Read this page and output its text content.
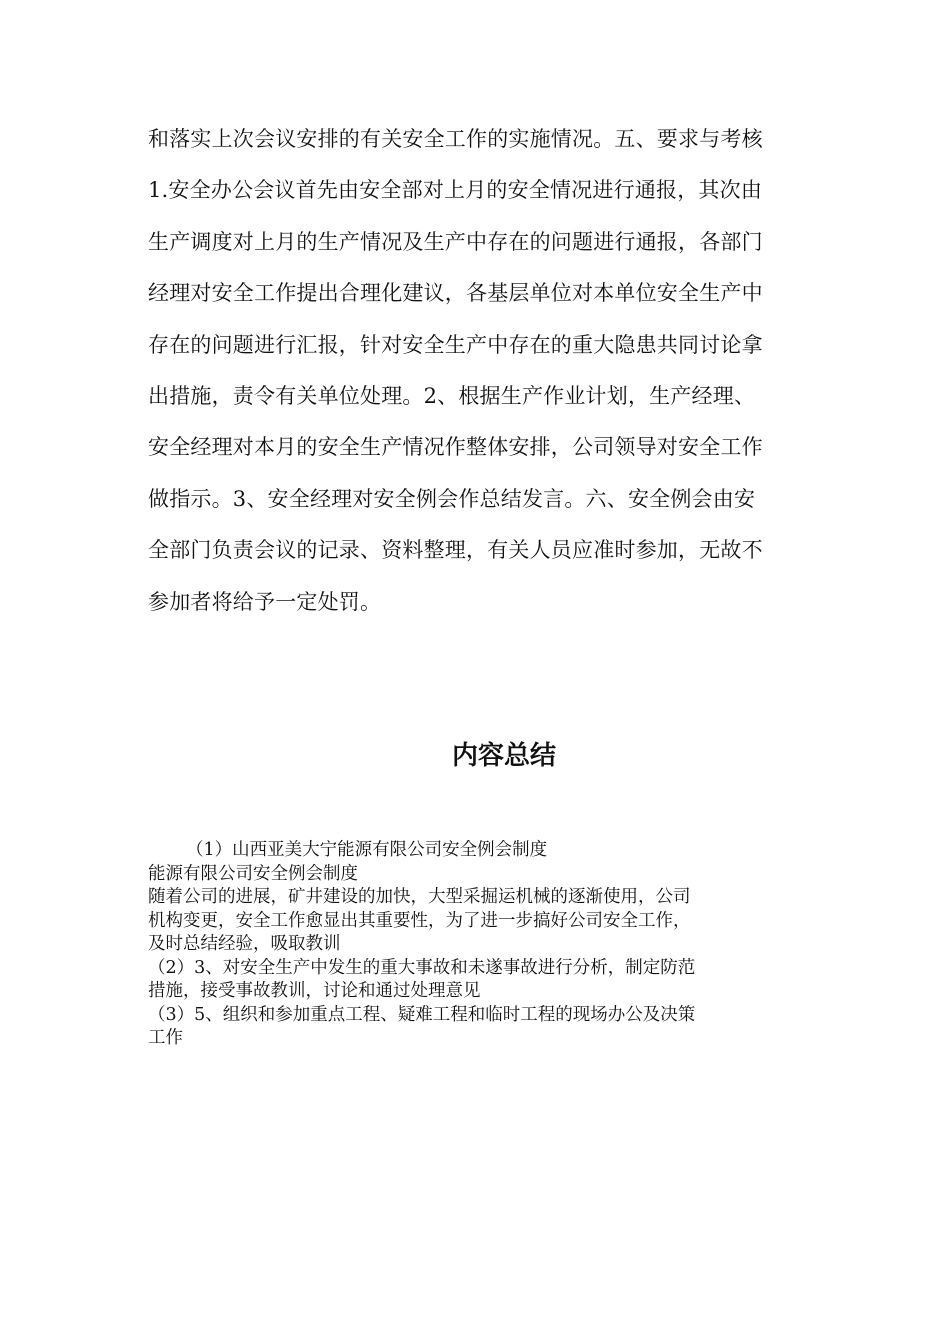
和落实上次会议安排的有关安全工作的实施情况。五、要求与考核
1.安全办公会议首先由安全部对上月的安全情况进行通报，其次由
生产调度对上月的生产情况及生产中存在的问题进行通报，各部门
经理对安全工作提出合理化建议，各基层单位对本单位安全生产中
存在的问题进行汇报，针对安全生产中存在的重大隐患共同讨论拿
出措施，责令有关单位处理。2、根据生产作业计划，生产经理、
安全经理对本月的安全生产情况作整体安排，公司领导对安全工作
做指示。3、安全经理对安全例会作总结发言。六、安全例会由安
全部门负责会议的记录、资料整理，有关人员应准时参加，无故不
参加者将给予一定处罚。
内容总结
（1）山西亚美大宁能源有限公司安全例会制度
能源有限公司安全例会制度
随着公司的进展，矿井建设的加快，大型采掘运机械的逐渐使用，公司
机构变更，安全工作愈显出其重要性，为了进一步搞好公司安全工作，
及时总结经验，吸取教训
（2）3、对安全生产中发生的重大事故和未遂事故进行分析，制定防范
措施，接受事故教训，讨论和通过处理意见
（3）5、组织和参加重点工程、疑难工程和临时工程的现场办公及决策
工作
